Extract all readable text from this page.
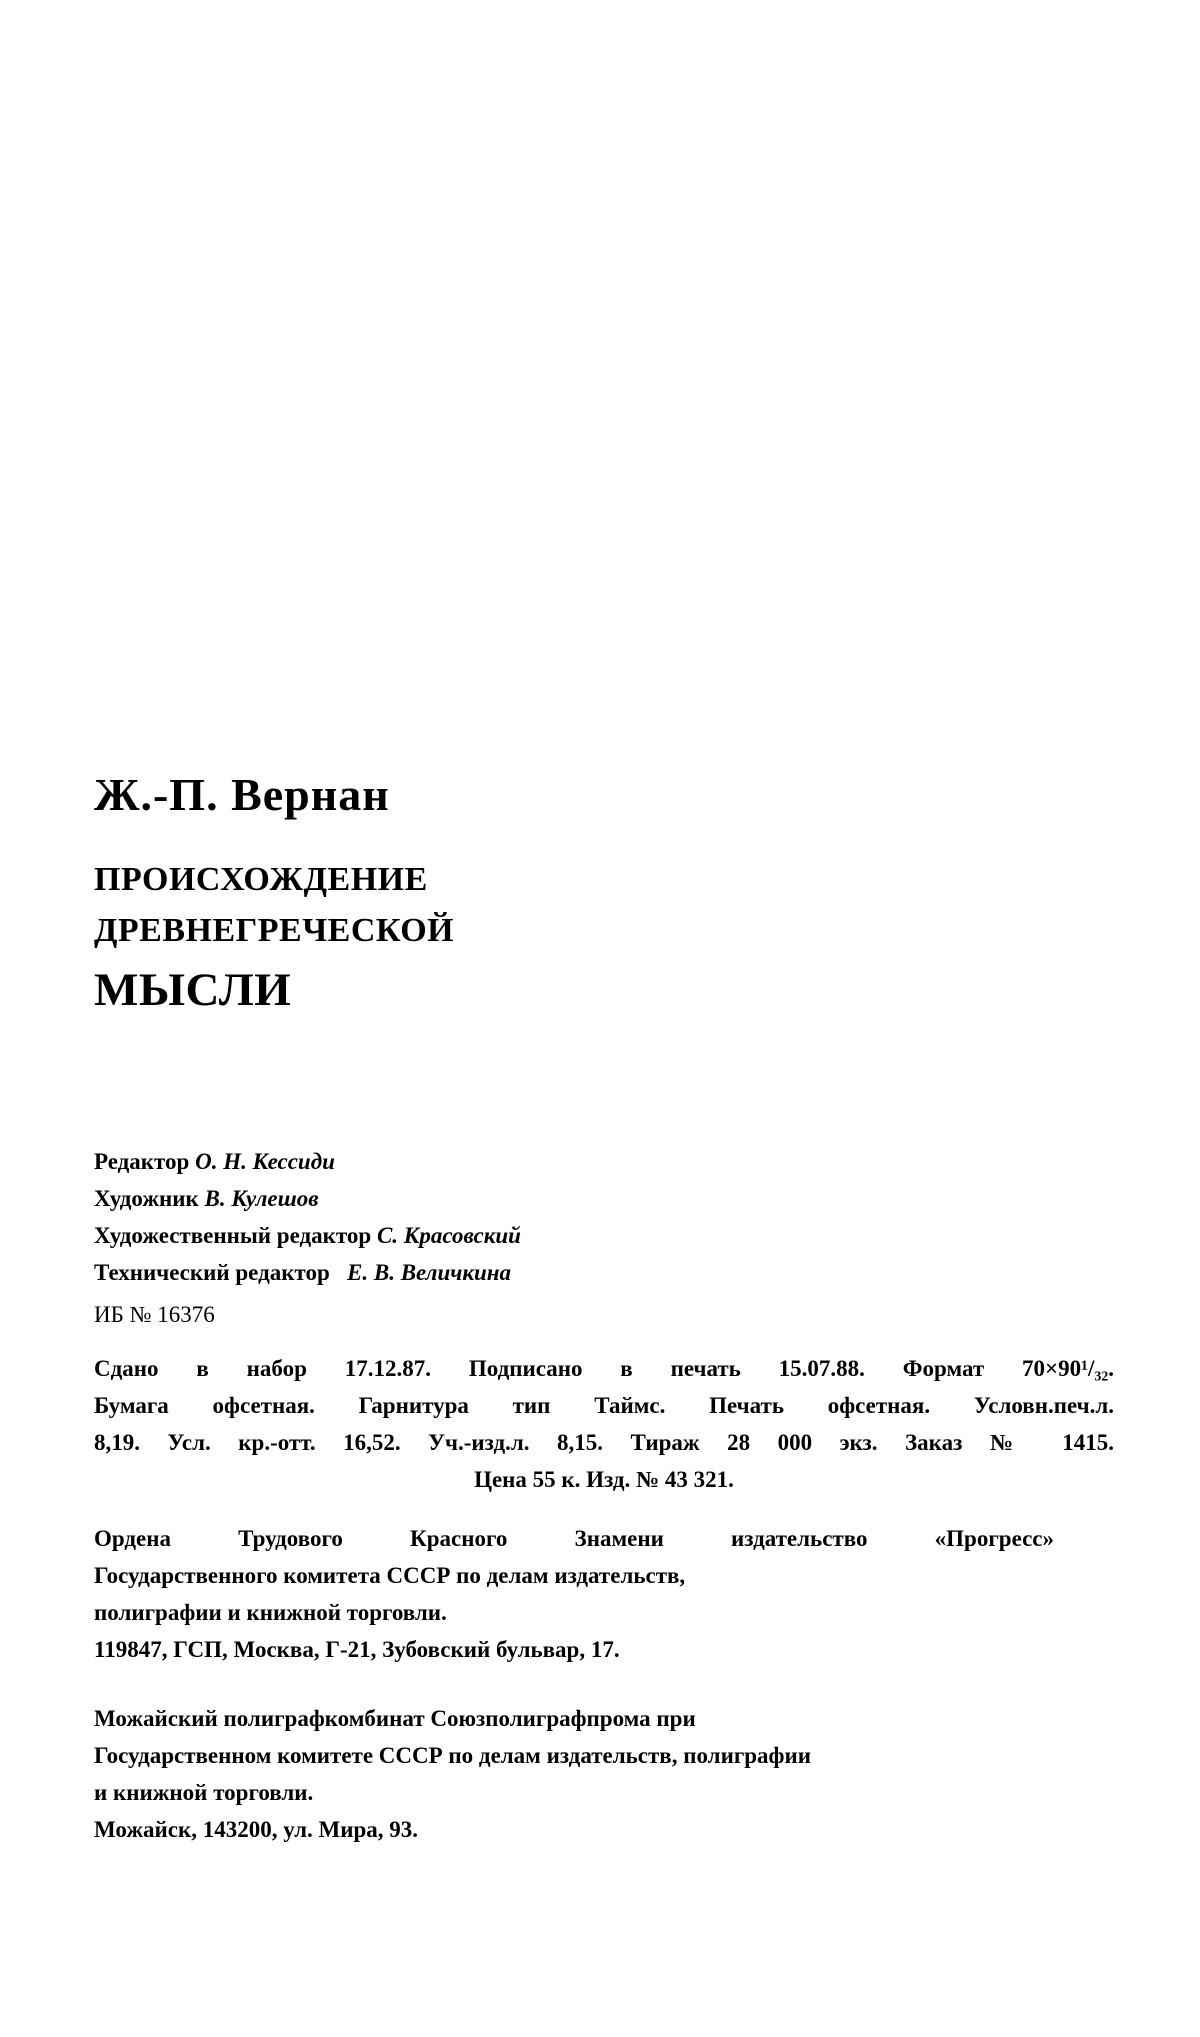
Ж.-П. Вернан
ПРОИСХОЖДЕНИЕ
ДРЕВНЕГРЕЧЕСКОЙ
МЫСЛИ
Редактор О. Н. Кессиди
Художник В. Кулешов
Художественный редактор С. Красовский
Технический редактор Е. В. Величкина
ИБ № 16376
Сдано в набор 17.12.87. Подписано в печать 15.07.88. Формат 70×90¹/₃₂.
Бумага офсетная. Гарнитура тип Таймс. Печать офсетная. Условн.печ.л.
8,19. Усл. кр.-отт. 16,52. Уч.-изд.л. 8,15. Тираж 28 000 экз. Заказ № 1415.
Цена 55 к. Изд. № 43 321.
Ордена Трудового Красного Знамени издательство «Прогресс»
Государственного комитета СССР по делам издательств,
полиграфии и книжной торговли.
119847, ГСП, Москва, Г-21, Зубовский бульвар, 17.
Можайский полиграфкомбинат Союзполиграфпрома при
Государственном комитете СССР по делам издательств, полиграфии
и книжной торговли.
Можайск, 143200, ул. Мира, 93.
